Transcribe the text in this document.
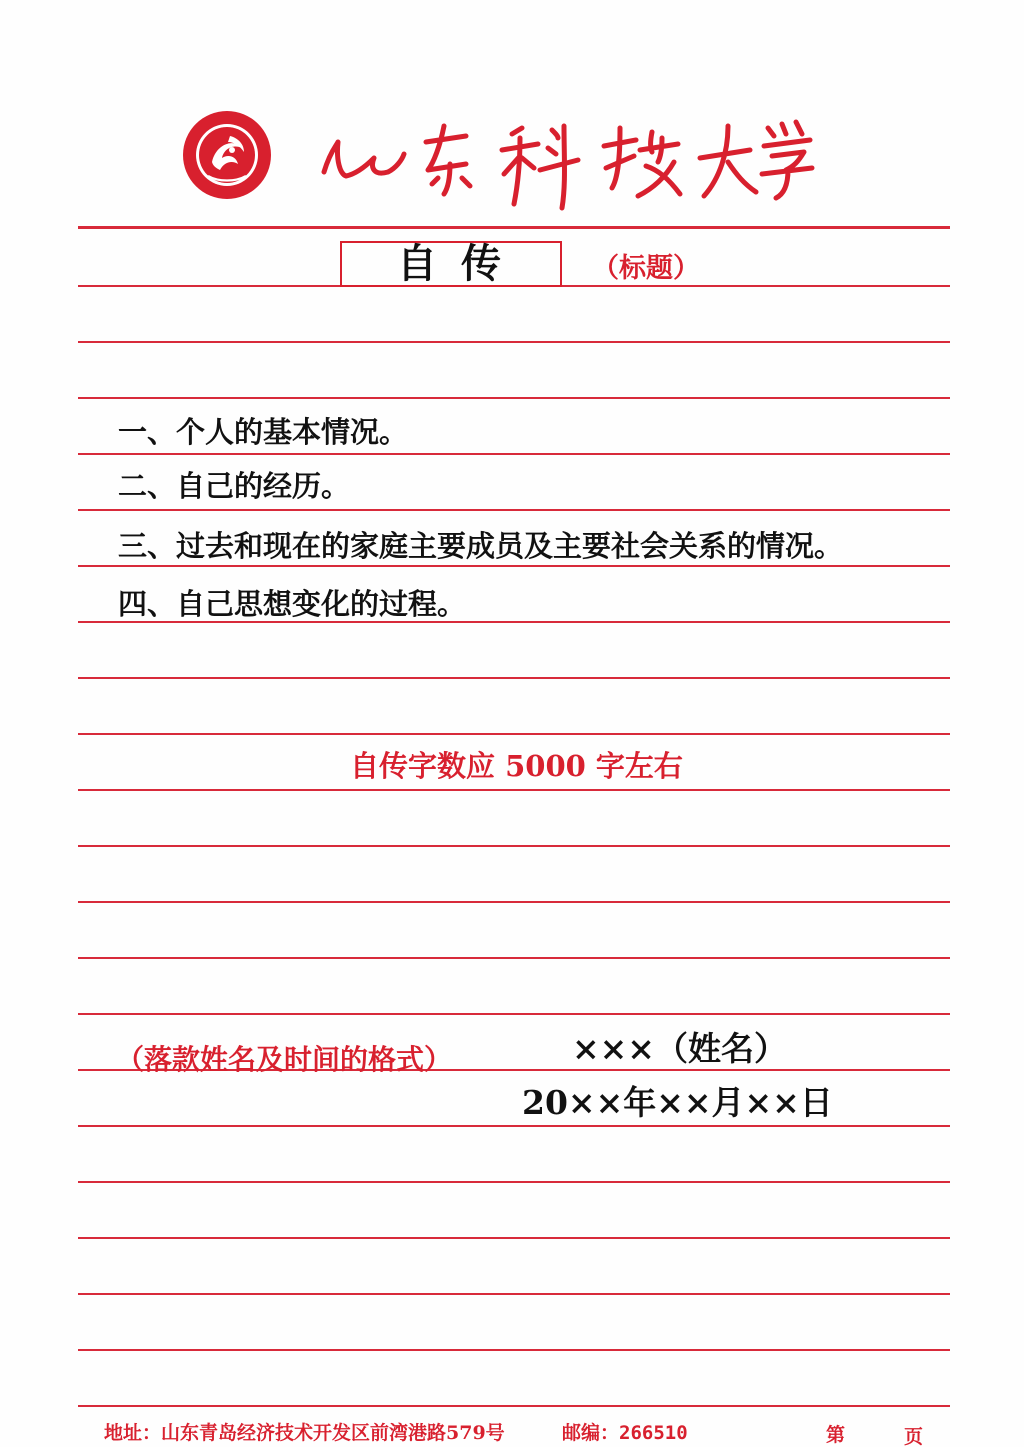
自传	（标题）
一、个人的基本情况。
二、自己的经历。
三、过去和现在的家庭主要成员及主要社会关系的情况。
四、自己思想变化的过程。
自传字数应 5000 字左右
（落款姓名及时间的格式）	×××（姓名）
20××年××月××日
地址：山东青岛经济技术开发区前湾港路579号	邮编：266510	第	页
